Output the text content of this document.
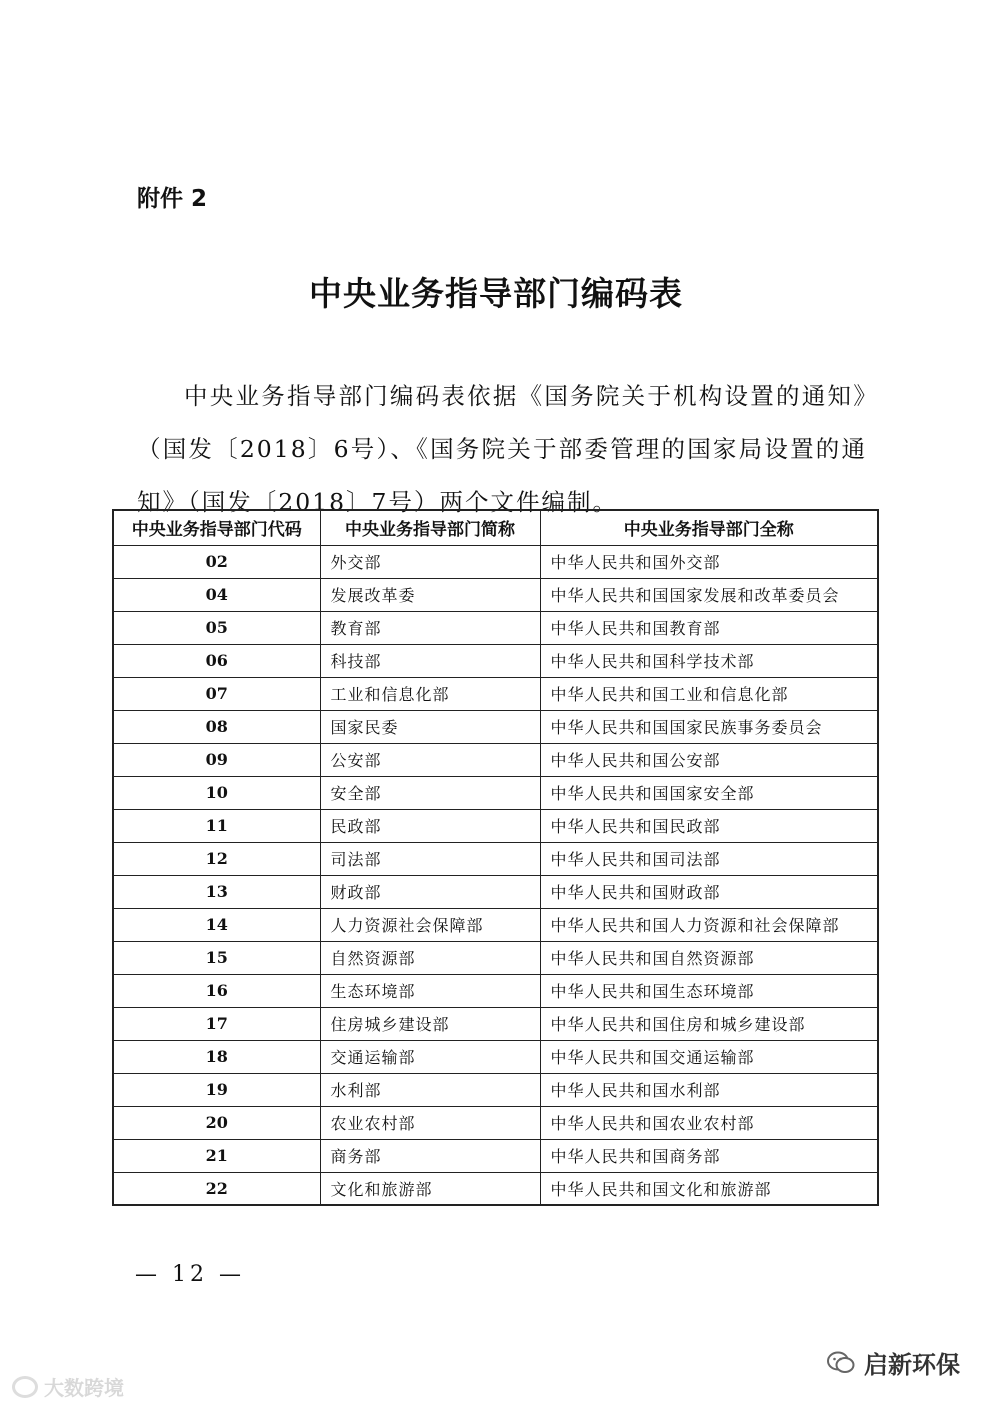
附件 2
中央业务指导部门编码表

中央业务指导部门编码表依据《国务院关于机构设置的通知》（国发〔2018〕6号）、《国务院关于部委管理的国家局设置的通知》（国发〔2018〕7号）两个文件编制。

中央业务指导部门代码	中央业务指导部门简称	中央业务指导部门全称
02	外交部	中华人民共和国外交部
04	发展改革委	中华人民共和国国家发展和改革委员会
05	教育部	中华人民共和国教育部
06	科技部	中华人民共和国科学技术部
07	工业和信息化部	中华人民共和国工业和信息化部
08	国家民委	中华人民共和国国家民族事务委员会
09	公安部	中华人民共和国公安部
10	安全部	中华人民共和国国家安全部
11	民政部	中华人民共和国民政部
12	司法部	中华人民共和国司法部
13	财政部	中华人民共和国财政部
14	人力资源社会保障部	中华人民共和国人力资源和社会保障部
15	自然资源部	中华人民共和国自然资源部
16	生态环境部	中华人民共和国生态环境部
17	住房城乡建设部	中华人民共和国住房和城乡建设部
18	交通运输部	中华人民共和国交通运输部
19	水利部	中华人民共和国水利部
20	农业农村部	中华人民共和国农业农村部
21	商务部	中华人民共和国商务部
22	文化和旅游部	中华人民共和国文化和旅游部
— 12 —
大数跨境
启新环保
